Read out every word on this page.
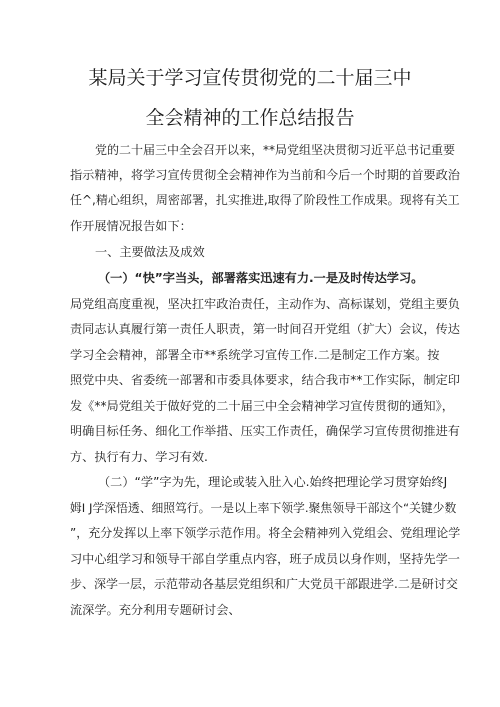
某局关于学习宣传贯彻党的二十届三中
全会精神的工作总结报告

党的二十届三中全会召开以来，**局党组坚决贯彻习近平总书记重要

指示精神，将学习宣传贯彻全会精神作为当前和今后一个时期的首要政治

任^,精心组织，周密部署，扎实推进,取得了阶段性工作成果。现将有关工

作开展情况报告如下：

一、主要做法及成效

（一）“快”字当头，部署落实迅速有力.一是及时传达学习。

局党组高度重视，坚决扛牢政治责任，主动作为、高标谋划，党组主要负

责同志认真履行第一责任人职责，第一时间召开党组（扩大）会议，传达

学习全会精神，部署全市**系统学习宣传工作.二是制定工作方案。按

照党中央、省委统一部署和市委具体要求，结合我市**工作实际，制定印

发《**局党组关于做好党的二十届三中全会精神学习宣传贯彻的通知》，

明确目标任务、细化工作举措、压实工作责任，确保学习宣传贯彻推进有

方、执行有力、学习有效.

（二）“学”字为先，理论或装入肚入心.始终把理论学习贯穿始终J

姆I J学深悟透、细照笃行。一是以上率下领学.聚焦领导干部这个“关键少数

”，充分发挥以上率下领学示范作用。将全会精神列入党组会、党组理论学

习中心组学习和领导干部自学重点内容，班子成员以身作则，坚持先学一

步、深学一层，示范带动各基层党组织和广大党员干部跟进学.二是研讨交

流深学。充分利用专题研讨会、
